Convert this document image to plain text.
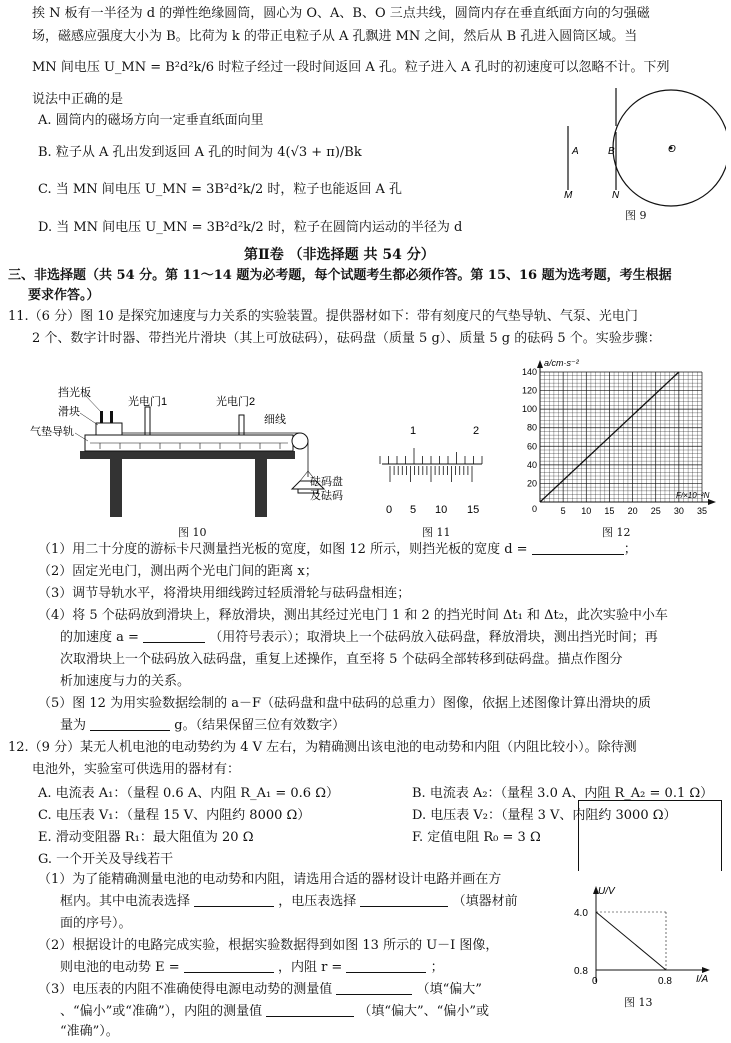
挨 N 板有一半径为 d 的弹性绝缘圆筒，圆心为 O、A、B、O 三点共线，圆筒内存在垂直纸面方向的匀强磁
场，磁感应强度大小为 B。比荷为 k 的带正电粒子从 A 孔飘进 MN 之间，然后从 B 孔进入圆筒区域。当
MN 间电压 U_MN = B²d²k/6 时粒子经过一段时间返回 A 孔。粒子进入 A 孔时的初速度可以忽略不计。下列
说法中正确的是
A. 圆筒内的磁场方向一定垂直纸面向里
B. 粒子从 A 孔出发到返回 A 孔的时间为 4(√3 + π)/Bk
C. 当 MN 间电压 U_MN = 3B²d²k/2 时，粒子也能返回 A 孔
D. 当 MN 间电压 U_MN = 3B²d²k/2 时，粒子在圆筒内运动的半径为 d
A	B	O
M	N
图 9
第Ⅱ卷 （非选择题 共 54 分）
三、非选择题（共 54 分。第 11～14 题为必考题，每个试题考生都必须作答。第 15、16 题为选考题，考生根据
要求作答。）
11.（6 分）图 10 是探究加速度与力关系的实验装置。提供器材如下：带有刻度尺的气垫导轨、气泵、光电门
2 个、数字计时器、带挡光片滑块（其上可放砝码），砝码盘（质量 5 g）、质量 5 g 的砝码 5 个。实验步骤：
挡光板
滑块
气垫导轨
光电门1	光电门2
细线
砝码盘
及砝码
图 10
1	2
0 5 10 15
图 11
140
120
100
80
60
40
20
0	5 10 15 20 25 30 35
a/cm·s⁻²
F/×10⁻²N
图 12
（1）用二十分度的游标卡尺测量挡光板的宽度，如图 12 所示，则挡光板的宽度 d =	；
（2）固定光电门，测出两个光电门间的距离 x；
（3）调节导轨水平，将滑块用细线跨过轻质滑轮与砝码盘相连；
（4）将 5 个砝码放到滑块上，释放滑块，测出其经过光电门 1 和 2 的挡光时间 Δt₁ 和 Δt₂，此次实验中小车
的加速度 a =	（用符号表示）；取滑块上一个砝码放入砝码盘，释放滑块，测出挡光时间；再
次取滑块上一个砝码放入砝码盘，重复上述操作，直至将 5 个砝码全部转移到砝码盘。描点作图分
析加速度与力的关系。
（5）图 12 为用实验数据绘制的 a－F（砝码盘和盘中砝码的总重力）图像，依据上述图像计算出滑块的质
量为	g。（结果保留三位有效数字）
12.（9 分）某无人机电池的电动势约为 4 V 左右，为精确测出该电池的电动势和内阻（内阻比较小）。除待测
电池外，实验室可供选用的器材有：
A. 电流表 A₁：（量程 0.6 A、内阻 R_A₁ = 0.6 Ω）	B. 电流表 A₂：（量程 3.0 A、内阻 R_A₂ = 0.1 Ω）
C. 电压表 V₁：（量程 15 V、内阻约 8000 Ω）	D. 电压表 V₂：（量程 3 V、内阻约 3000 Ω）
E. 滑动变阻器 R₁：最大阻值为 20 Ω	F. 定值电阻 R₀ = 3 Ω
G. 一个开关及导线若干
（1）为了能精确测量电池的电动势和内阻，请选用合适的器材设计电路并画在方
框内。其中电流表选择	，电压表选择	（填器材前
面的序号）。
（2）根据设计的电路完成实验，根据实验数据得到如图 13 所示的 U－I 图像，
则电池的电动势 E =	，内阻 r =	；
（3）电压表的内阻不准确使得电源电动势的测量值	（填“偏大”
、“偏小”或“准确”），内阻的测量值	（填“偏大”、“偏小”或
“准确”）。
U/V
4.0
0.8
0	0.8 I/A
图 13
